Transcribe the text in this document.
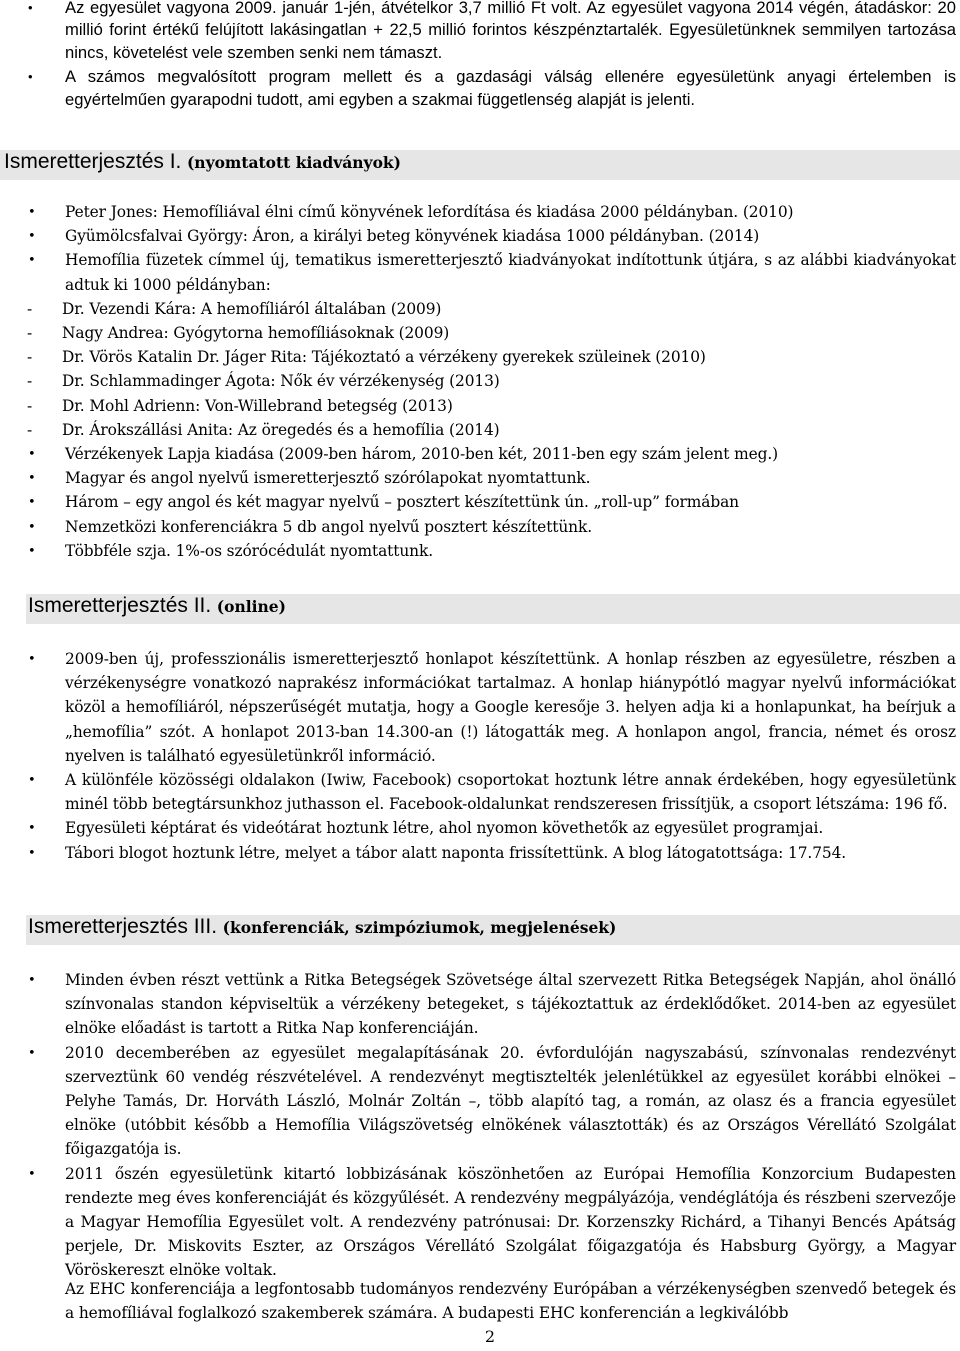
• Az egyesület vagyona 2009. január 1-jén, átvételkor 3,7 millió Ft volt. Az egyesület vagyona 2014 végén, átadáskor: 20 millió forint értékű felújított lakásingatlan + 22,5 millió forintos készpénztartalék. Egyesületünknek semmilyen tartozása nincs, követelést vele szemben senki nem támaszt.
• A számos megvalósított program mellett és a gazdasági válság ellenére egyesületünk anyagi értelemben is egyértelműen gyarapodni tudott, ami egyben a szakmai függetlenség alapját is jelenti.
Ismeretterjesztés I. (nyomtatott kiadványok)
• Peter Jones: Hemofíliával élni című könyvének lefordítása és kiadása 2000 példányban. (2010)
• Gyümölcsfalvai György: Áron, a királyi beteg könyvének kiadása 1000 példányban. (2014)
• Hemofília füzetek címmel új, tematikus ismeretterjesztő kiadványokat indítottunk útjára, s az alábbi kiadványokat adtuk ki 1000 példányban:
- Dr. Vezendi Kára: A hemofíliáról általában (2009)
- Nagy Andrea: Gyógytorna hemofíliásoknak (2009)
- Dr. Vörös Katalin Dr. Jáger Rita: Tájékoztató a vérzékeny gyerekek szüleinek (2010)
- Dr. Schlammadinger Ágota: Nők év vérzékenység (2013)
- Dr. Mohl Adrienn: Von-Willebrand betegség (2013)
- Dr. Árokszállási Anita: Az öregedés és a hemofília (2014)
• Vérzékenyek Lapja kiadása (2009-ben három, 2010-ben két, 2011-ben egy szám jelent meg.)
• Magyar és angol nyelvű ismeretterjesztő szórólapokat nyomtattunk.
• Három – egy angol és két magyar nyelvű – posztert készítettünk ún. „roll-up” formában
• Nemzetközi konferenciákra 5 db angol nyelvű posztert készítettünk.
• Többféle szja. 1%-os szórócédulát nyomtattunk.
Ismeretterjesztés II. (online)
• 2009-ben új, professzionális ismeretterjesztő honlapot készítettünk. A honlap részben az egyesületre, részben a vérzékenységre vonatkozó naprakész információkat tartalmaz. A honlap hiánypótló magyar nyelvű információkat közöl a hemofíliáról, népszerűségét mutatja, hogy a Google keresője 3. helyen adja ki a honlapunkat, ha beírjuk a „hemofília” szót. A honlapot 2013-ban 14.300-an (!) látogatták meg. A honlapon angol, francia, német és orosz nyelven is található egyesületünkről információ.
• A különféle közösségi oldalakon (Iwiw, Facebook) csoportokat hoztunk létre annak érdekében, hogy egyesületünk minél több betegtársunkhoz juthasson el. Facebook-oldalunkat rendszeresen frissítjük, a csoport létszáma: 196 fő.
• Egyesületi képtárat és videótárat hoztunk létre, ahol nyomon követhetők az egyesület programjai.
• Tábori blogot hoztunk létre, melyet a tábor alatt naponta frissítettünk. A blog látogatottsága: 17.754.
Ismeretterjesztés III. (konferenciák, szimpóziumok, megjelenések)
• Minden évben részt vettünk a Ritka Betegségek Szövetsége által szervezett Ritka Betegségek Napján, ahol önálló színvonalas standon képviseltük a vérzékeny betegeket, s tájékoztattuk az érdeklődőket. 2014-ben az egyesület elnöke előadást is tartott a Ritka Nap konferenciáján.
• 2010 decemberében az egyesület megalapításának 20. évfordulóján nagyszabású, színvonalas rendezvényt szerveztünk 60 vendég részvételével. A rendezvényt megtisztelték jelenlétükkel az egyesület korábbi elnökei – Pelyhe Tamás, Dr. Horváth László, Molnár Zoltán –, több alapító tag, a román, az olasz és a francia egyesület elnöke (utóbbit később a Hemofília Világszövetség elnökének választották) és az Országos Vérellátó Szolgálat főigazgatója is.
• 2011 őszén egyesületünk kitartó lobbizásának köszönhetően az Európai Hemofília Konzorcium Budapesten rendezte meg éves konferenciáját és közgyűlését. A rendezvény megpályázója, vendéglátója és részbeni szervezője a Magyar Hemofília Egyesület volt. A rendezvény patrónusai: Dr. Korzenszky Richárd, a Tihanyi Bencés Apátság perjele, Dr. Miskovits Eszter, az Országos Vérellátó Szolgálat főigazgatója és Habsburg György, a Magyar Vöröskereszt elnöke voltak.
Az EHC konferenciája a legfontosabb tudományos rendezvény Európában a vérzékenységben szenvedő betegek és a hemofíliával foglalkozó szakemberek számára. A budapesti EHC konferencián a legkiválóbb
2
